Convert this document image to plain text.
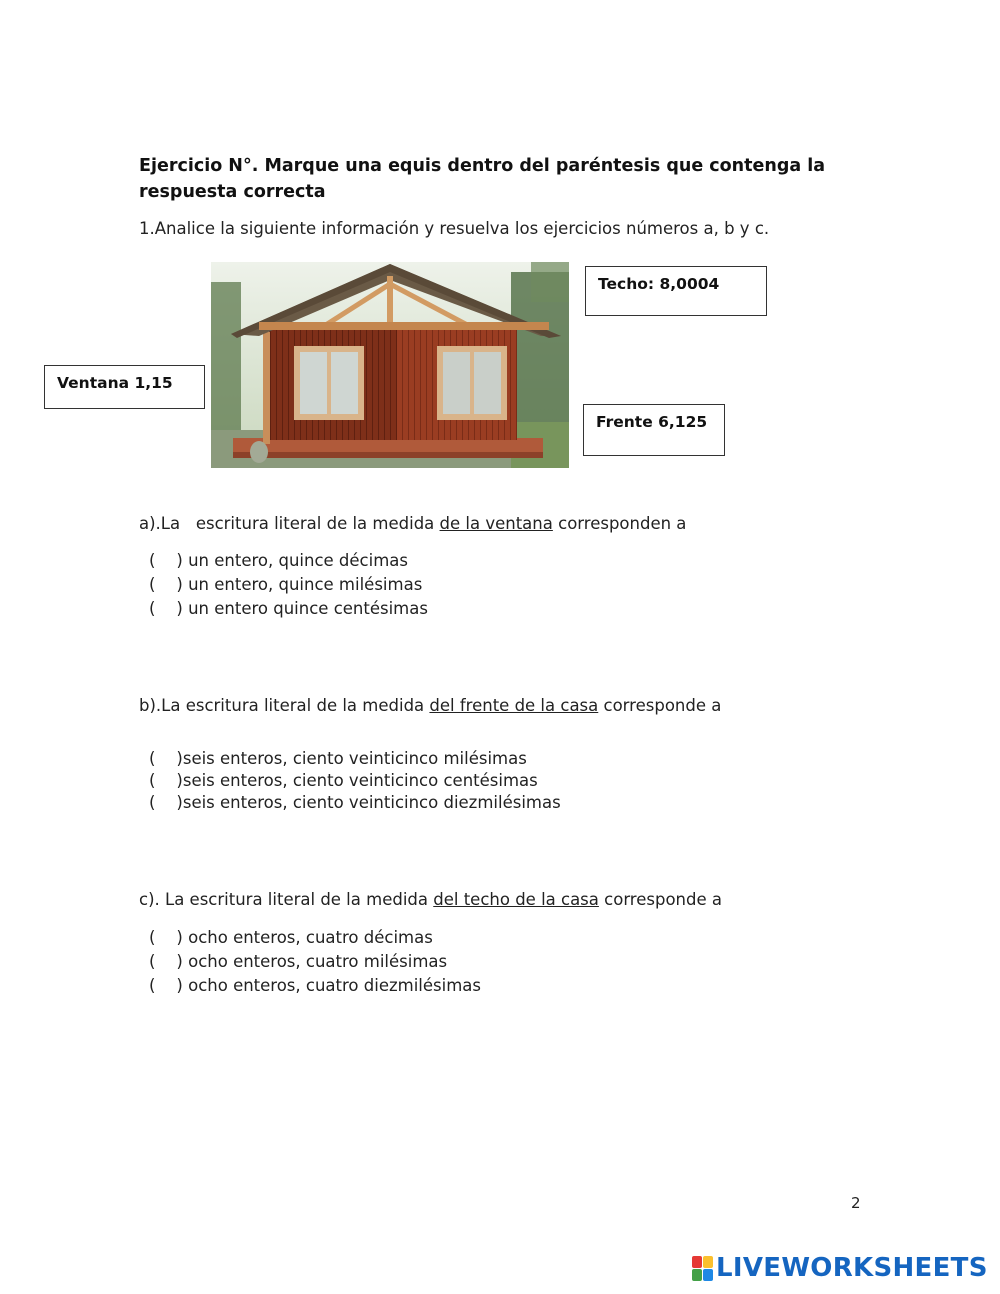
Ejercicio N°. Marque una equis dentro del paréntesis que contenga la respuesta correcta
1.Analice la siguiente información y resuelva los ejercicios números a, b y c.
Techo: 8,0004
Ventana 1,15
Frente 6,125
a).La   escritura literal de la medida de la ventana corresponden a
(    ) un entero, quince décimas
(    ) un entero, quince milésimas
(    ) un entero quince centésimas
b).La escritura literal de la medida del frente de la casa corresponde a
(    )seis enteros, ciento veinticinco milésimas
(    )seis enteros, ciento veinticinco centésimas
(    )seis enteros, ciento veinticinco diezmilésimas
c). La escritura literal de la medida del techo de la casa corresponde a
(    ) ocho enteros, cuatro décimas
(    ) ocho enteros, cuatro milésimas
(    ) ocho enteros, cuatro diezmilésimas
2
LIVEWORKSHEETS
